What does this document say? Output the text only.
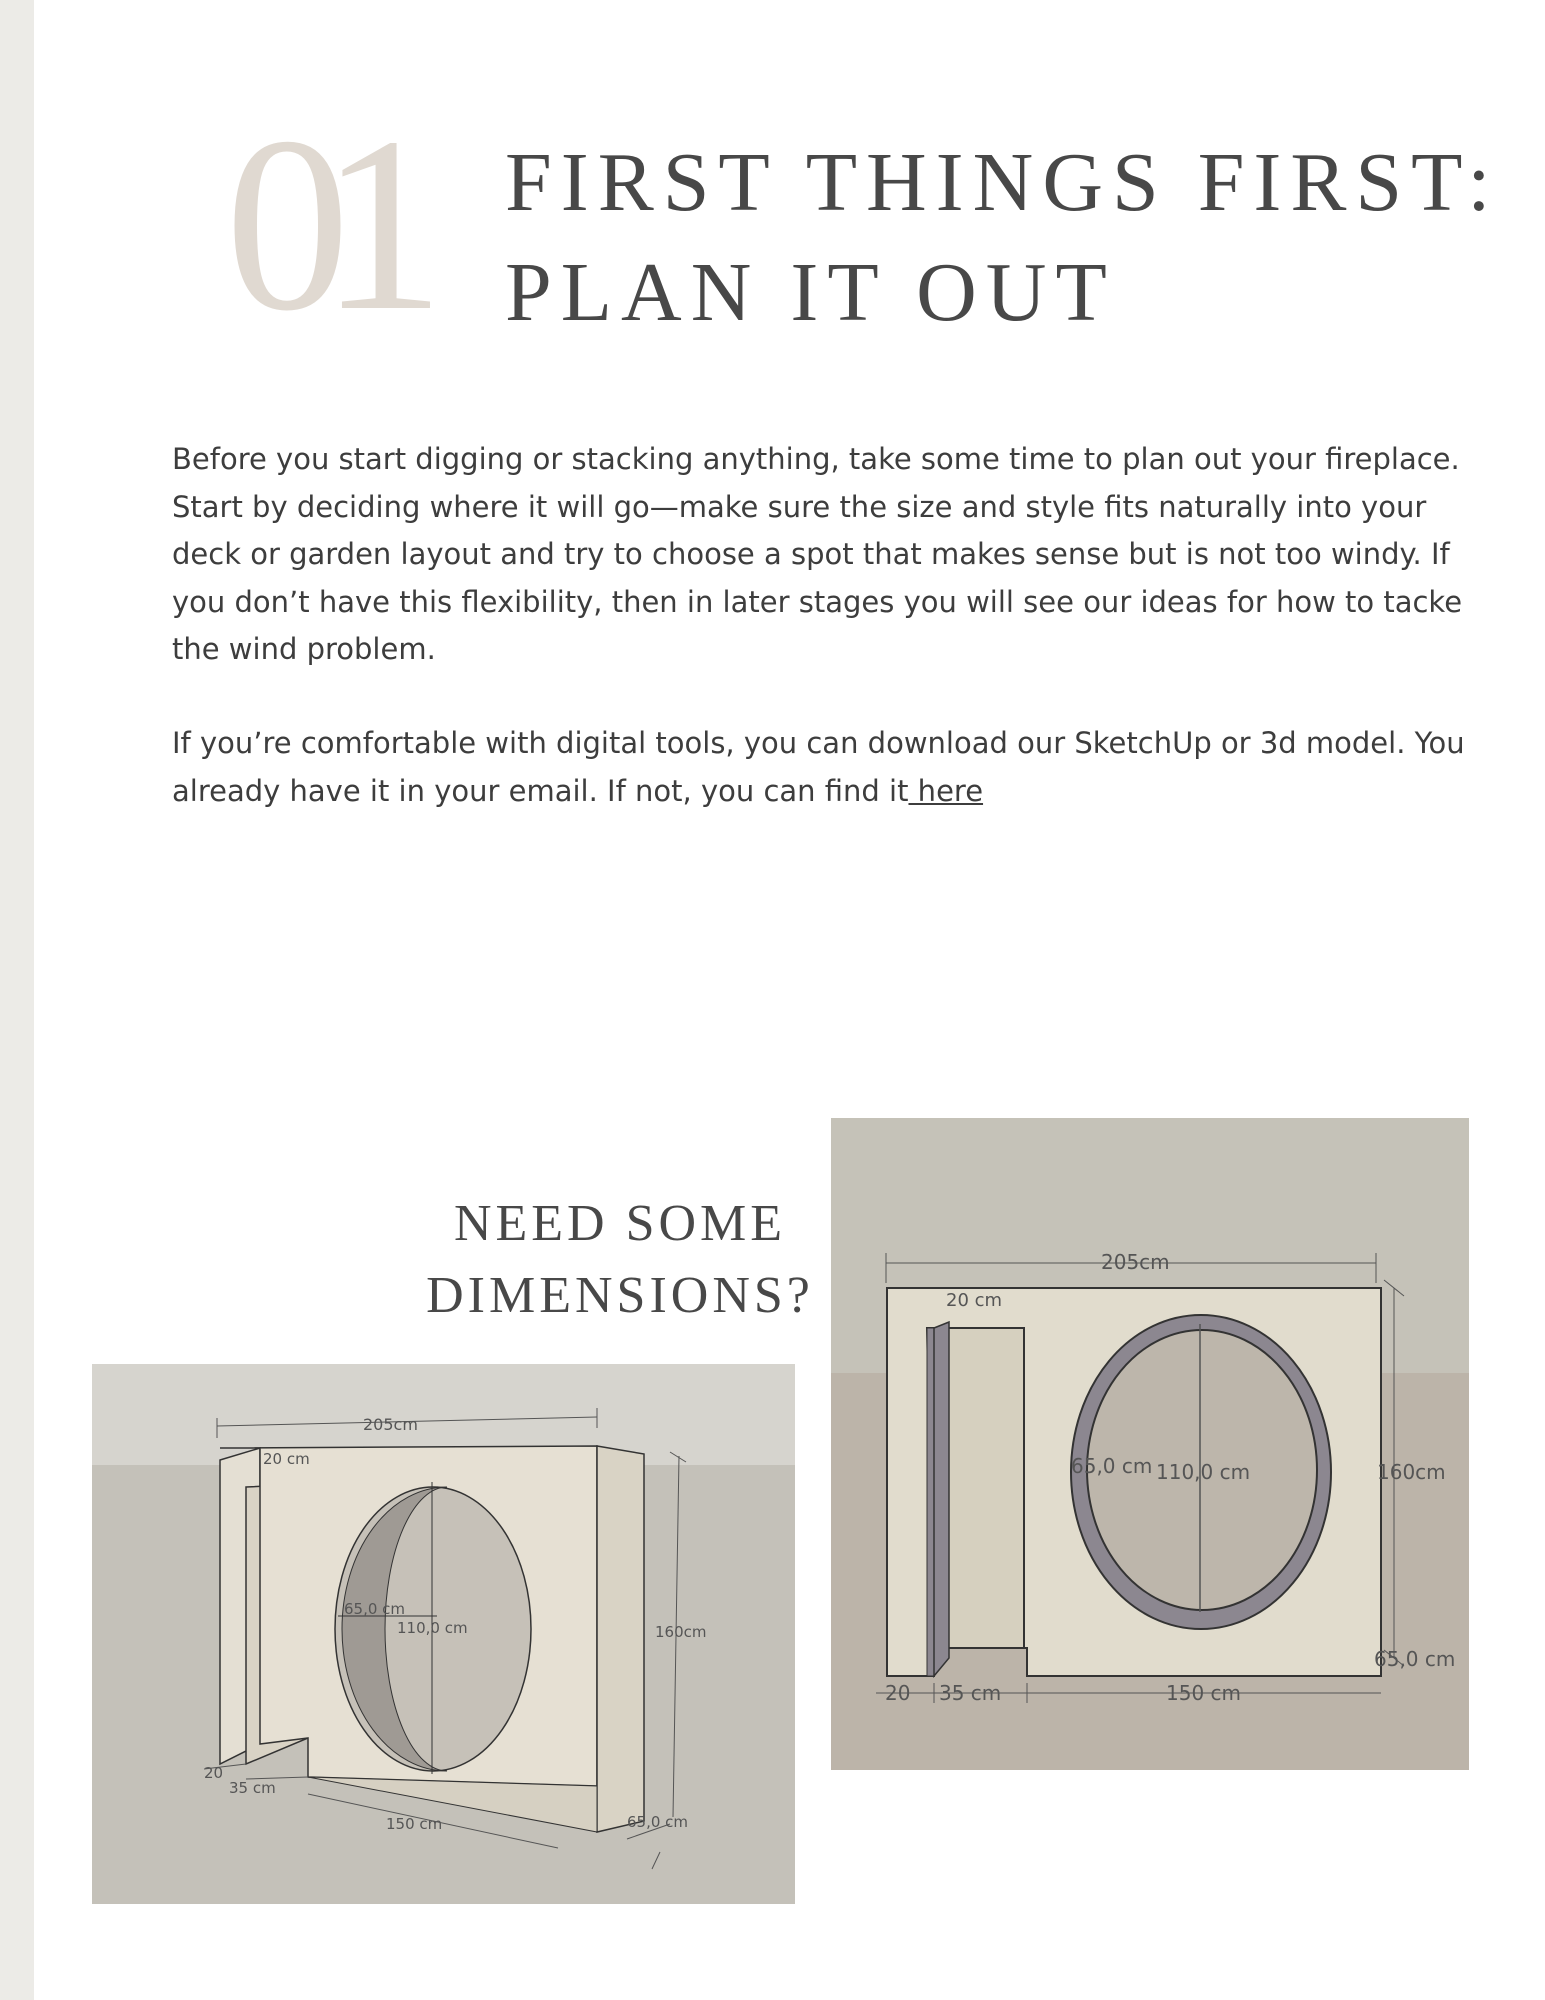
01 FIRST THINGS FIRST:
PLAN IT OUT

Before you start digging or stacking anything, take some time to plan out your fireplace. Start by deciding where it will go—make sure the size and style fits naturally into your deck or garden layout and try to choose a spot that makes sense but is not too windy. If you don’t have this flexibility, then in later stages you will see our ideas for how to tacke the wind problem.

If you’re comfortable with digital tools, you can download our SketchUp or 3d model. You already have it in your email. If not, you can find it here

NEED SOME
DIMENSIONS?
205cm
20 cm
65,0 cm
110,0 cm	160cm
20
35 cm
150 cm	65,0 cm
205cm
20 cm
65,0 cm 110,0 cm	160cm
65,0 cm
20 35 cm	150 cm
